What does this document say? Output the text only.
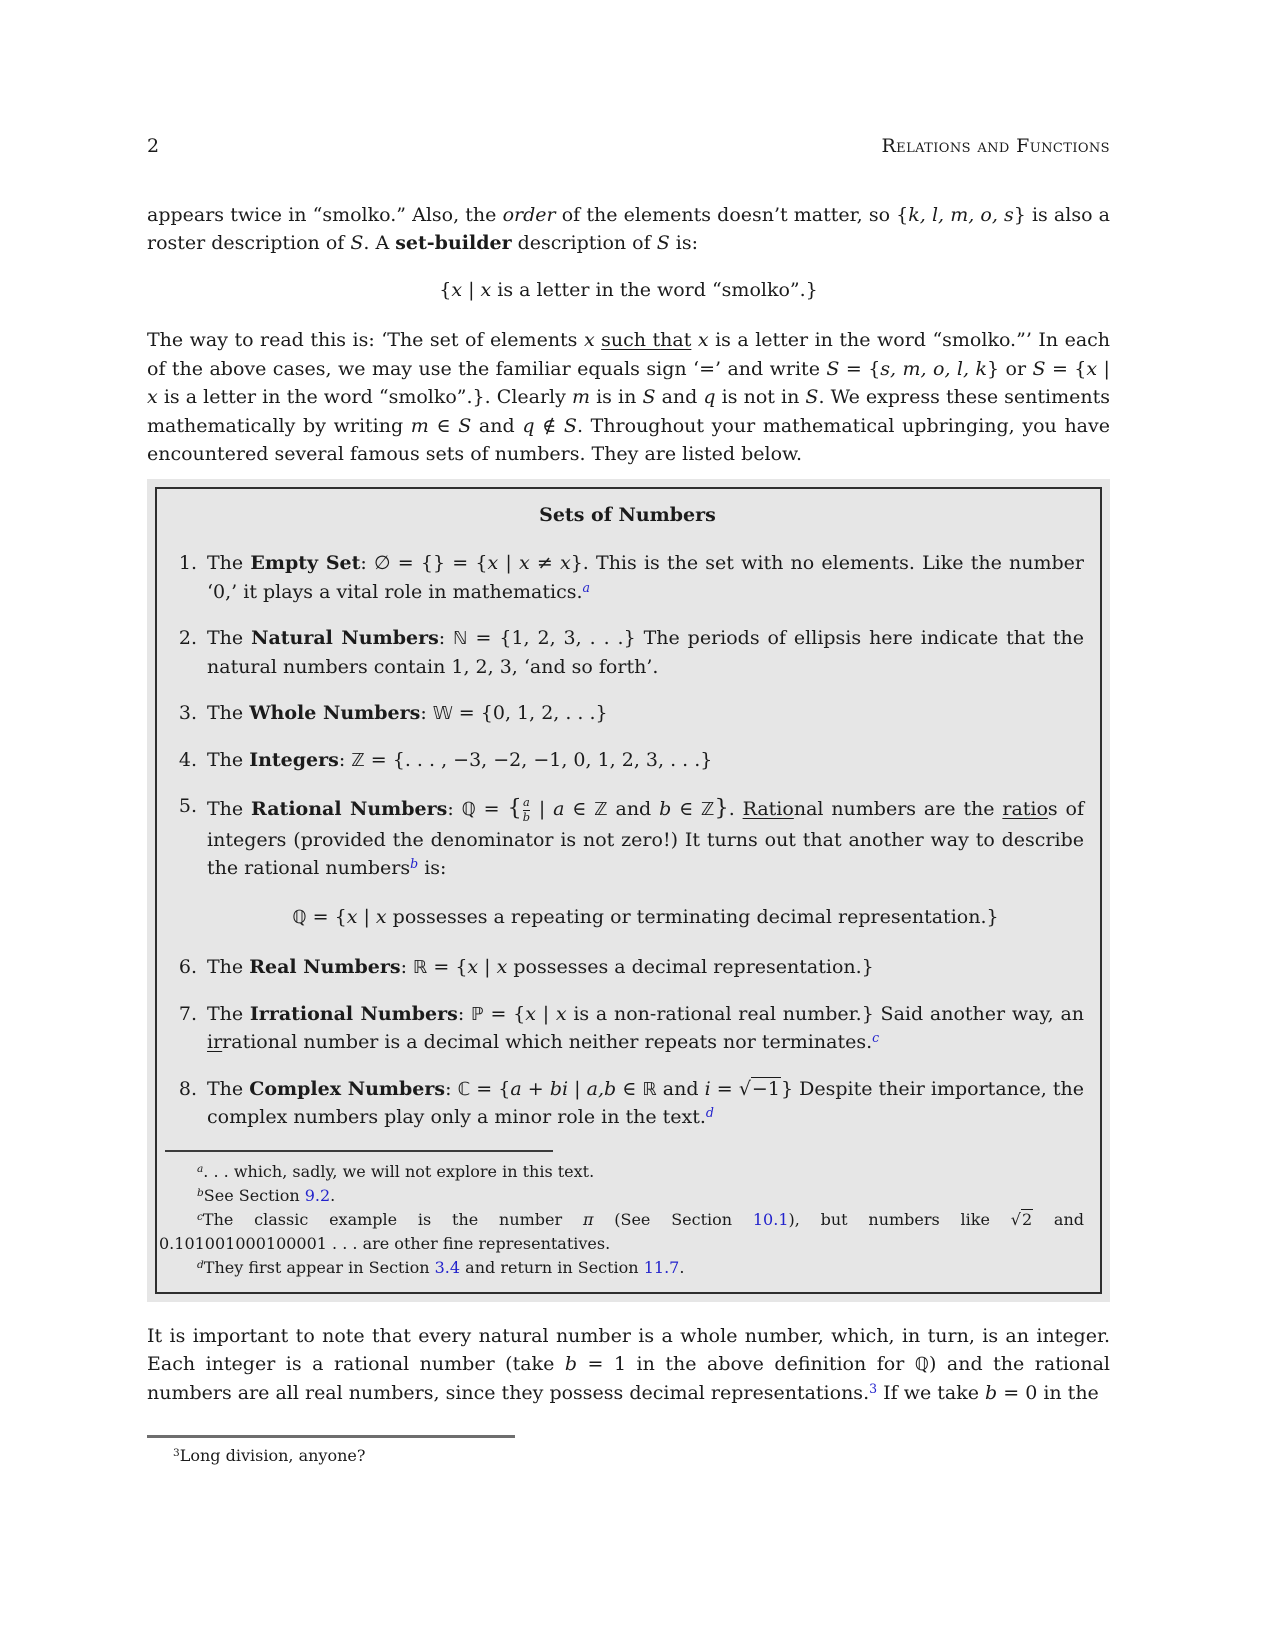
2	Relations and Functions

appears twice in “smolko.” Also, the order of the elements doesn’t matter, so {k, l, m, o, s} is also a roster description of S. A set-builder description of S is:

{x | x is a letter in the word “smolko”.}

The way to read this is: ‘The set of elements x such that x is a letter in the word “smolko.”’ In each of the above cases, we may use the familiar equals sign ‘=’ and write S = {s, m, o, l, k} or S = {x | x is a letter in the word “smolko”.}. Clearly m is in S and q is not in S. We express these sentiments mathematically by writing m ∈ S and q ∉ S. Throughout your mathematical upbringing, you have encountered several famous sets of numbers. They are listed below.

Sets of Numbers
1. The Empty Set: ∅ = {} = {x | x ≠ x}. This is the set with no elements. Like the number ‘0,’ it plays a vital role in mathematics.$^a$
2. The Natural Numbers: ℕ = {1, 2, 3, . . .} The periods of ellipsis here indicate that the natural numbers contain 1, 2, 3, ‘and so forth’.
3. The Whole Numbers: 𝕎 = {0, 1, 2, . . .}
4. The Integers: ℤ = {. . . , −3, −2, −1, 0, 1, 2, 3, . . .}
5. The Rational Numbers: ℚ = { $\frac{a}{b}$ | a ∈ ℤ and b ∈ ℤ}. Rational numbers are the ratios of integers (provided the denominator is not zero!) It turns out that another way to describe the rational numbers$^b$ is:
ℚ = {x | x possesses a repeating or terminating decimal representation.}
6. The Real Numbers: ℝ = {x | x possesses a decimal representation.}
7. The Irrational Numbers: ℙ = {x | x is a non-rational real number.} Said another way, an irrational number is a decimal which neither repeats nor terminates.$^c$
8. The Complex Numbers: ℂ = {a + bi | a,b ∈ ℝ and i = √−1} Despite their importance, the complex numbers play only a minor role in the text.$^d$

$^a$. . . which, sadly, we will not explore in this text.

$^b$See Section 9.2.

$^c$The classic example is the number π (See Section 10.1), but numbers like √2 and 0.101001000100001 . . . are other fine representatives.

$^d$They first appear in Section 3.4 and return in Section 11.7.

It is important to note that every natural number is a whole number, which, in turn, is an integer. Each integer is a rational number (take b = 1 in the above definition for ℚ) and the rational numbers are all real numbers, since they possess decimal representations.$^3$ If we take b = 0 in the

$^3$Long division, anyone?
